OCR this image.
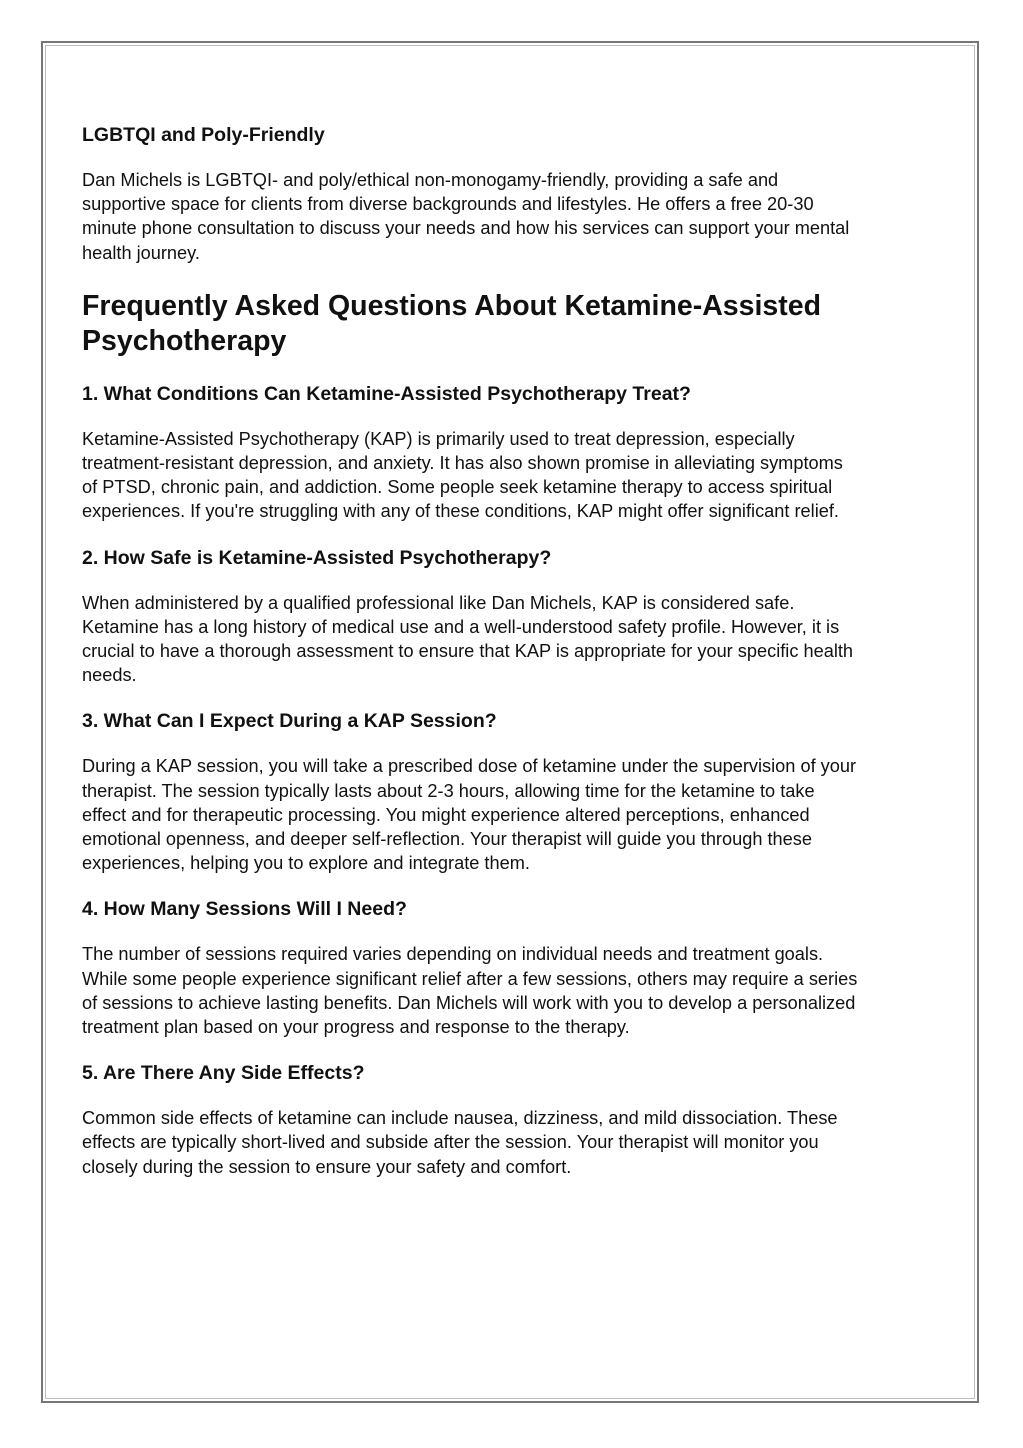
LGBTQI and Poly-Friendly
Dan Michels is LGBTQI- and poly/ethical non-monogamy-friendly, providing a safe and supportive space for clients from diverse backgrounds and lifestyles. He offers a free 20-30 minute phone consultation to discuss your needs and how his services can support your mental health journey.
Frequently Asked Questions About Ketamine-Assisted Psychotherapy
1. What Conditions Can Ketamine-Assisted Psychotherapy Treat?
Ketamine-Assisted Psychotherapy (KAP) is primarily used to treat depression, especially treatment-resistant depression, and anxiety. It has also shown promise in alleviating symptoms of PTSD, chronic pain, and addiction. Some people seek ketamine therapy to access spiritual experiences. If you're struggling with any of these conditions, KAP might offer significant relief.
2. How Safe is Ketamine-Assisted Psychotherapy?
When administered by a qualified professional like Dan Michels, KAP is considered safe. Ketamine has a long history of medical use and a well-understood safety profile. However, it is crucial to have a thorough assessment to ensure that KAP is appropriate for your specific health needs.
3. What Can I Expect During a KAP Session?
During a KAP session, you will take a prescribed dose of ketamine under the supervision of your therapist. The session typically lasts about 2-3 hours, allowing time for the ketamine to take effect and for therapeutic processing. You might experience altered perceptions, enhanced emotional openness, and deeper self-reflection. Your therapist will guide you through these experiences, helping you to explore and integrate them.
4. How Many Sessions Will I Need?
The number of sessions required varies depending on individual needs and treatment goals. While some people experience significant relief after a few sessions, others may require a series of sessions to achieve lasting benefits. Dan Michels will work with you to develop a personalized treatment plan based on your progress and response to the therapy.
5. Are There Any Side Effects?
Common side effects of ketamine can include nausea, dizziness, and mild dissociation. These effects are typically short-lived and subside after the session. Your therapist will monitor you closely during the session to ensure your safety and comfort.
